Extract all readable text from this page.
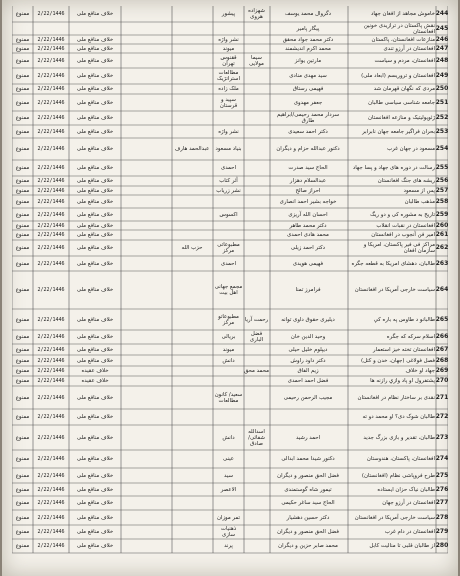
244
خاموش مجاهد از افغان جهاد
دگروال محمد یوسف
شهزاده هروی
پیشور
خلاف منافع ملی
2/22/1446
ممنوع
245
نقش پاکستان در ترازیدی خونین افغانستان
پیگار پامیر
246
منازعات افغانستان، پاکستان
دکتر محمد جواد محقق
نشر واژه
خلاف منافع ملی
2/22/1446
ممنوع
247
افغانستان در آرزو تندی
محمد اکرم اندیشمند
میوند
خلاف منافع ملی
2/22/1446
ممنوع
248
افغانستان، مردم و سیاست
مارتین یوانز
سیما مولایی
ققنوس تهران
خلاف منافع ملی
2/22/1446
ممنوع
249
افغانستان و تروریسم (ابعاد ملی)
سید مهدی منادی
مطالعات استراتژیک
خلاف منافع ملی
2/22/1446
ممنوع
250
مردی که نگهان قهرمان شد
فهیمی رستاق
ملک زاده
خلاف منافع ملی
2/22/1446
ممنوع
251
جامعه شناسی سیاسی طالبان
جعفر مهدوی
سپید و قرستان
خلاف منافع ملی
2/22/1446
ممنوع
252
ژئوپولیتیک و منازعه افغانستان
سردار محمد رحیمی/ابراهیم طارق
خلاف منافع ملی
2/22/1446
ممنوع
253
بحران فراگیر جامعه جهان نابرابر
دکتر احمد سعیدی
نشر واژه
خلاف منافع ملی
2/22/1446
ممنوع
254
مسعود در جهان غرب
دکتور عبدالله حزام و دیگران
بنیاد مسعود
عبدالحمد هارف
خلاف منافع ملی
2/22/1446
ممنوع
255
رسالت در دوره های جهاد و پسا جهاد
الحاج سید صدرت
احمدی
خلاف منافع ملی
2/22/1446
ممنوع
256
ریشه های جنگ افغانستان
عبدالسلام دهزار
آثر کتاب
خلاف منافع ملی
2/22/1446
ممنوع
257
پس از مسعود
احراز صالح
نشر زریاب
خلاف منافع ملی
2/22/1446
ممنوع
258
مذهب طالبان
خواجه بشیر احمد انصاری
خلاف منافع ملی
2/22/1446
ممنوع
259
تاریخ به مشوره کی و دو ریگ
احسان الله آریزی
اکسوس
خلاف منافع ملی
2/22/1446
ممنوع
260
افغانستان در نقبات انقلاب
دکتر محمد طاهر
خلاف منافع ملی
2/22/1446
ممنوع
261
امیر فن آنجوب در افغانستان
محمد هادی احمدی
خلاف منافع ملی
2/22/1446
ممنوع
262
مراکز فی فیر پاکستان، امریکا و سازمان افغان
دکتر احمد زیلی
مطبوعاتی مرکز
حزب الله
خلاف منافع ملی
2/22/1446
ممنوع
263
طالبان، دهشای امریکا به قطعه جگره
فهیمی هویدی
احمدی
خلاف منافع ملی
2/22/1446
ممنوع
264
سیاست خارجی آمریکا در افغانستان
فرامرز تمنا
مجمع جهانی اهل بیت
خلاف منافع ملی
2/22/1446
ممنوع
265
طالبانو د طاوس په باره کې
دیلیری حقوق داوی توانه
رحمت آریا
مطبوعاتو مرکز
خلاف منافع ملی
2/22/1446
ممنوع
266
اسلام سرکه که جگره
وحید الدین خان
فضل الباری
بریالی
خلاف منافع ملی
2/22/1446
ممنوع
267
افغانستان تخته خیز استعمار
دیپلوم خلیل حیلی
میوند
خلاف منافع ملی
2/22/1446
ممنوع
268
فصل فولاغی (جهان، خدن و کتل)
دکتر داود راوش
دانش
خلاف منافع ملی
2/22/1446
ممنوع
269
جهاد او خلاف
زیم الفاق
محمد محق
خلاف عقیده
2/22/1446
ممنوع
270
پشتفرول او پاد وازې رازنه ها
فضل احمد احمدی
خلاف عقیده
2/22/1446
ممنوع
271
نقدی بر ساختار نظام در افغانستان
مجیب الرحمن رحیمی
سعید/ کانون مطالعات
خلاف منافع ملی
2/22/1446
ممنوع
272
طالبان شوک دی؟ او محمد دو ته
خلاف منافع ملی
2/22/1446
ممنوع
273
طالبان، تقدیر و بازی بزرگ جدید
احمد رشید
اسدالله شفائی/ صادق
دانش
خلاف منافع ملی
2/22/1446
ممنوع
274
افغانستان، پاکستان، هندوستان
دکتور شیدا محمد ابدالی
عینی
خلاف منافع ملی
2/22/1446
ممنوع
275
طرح فروپاشی نظام (افغانستان)
فضل الحق منصور و دیگران
سید
خلاف منافع ملی
2/22/1446
ممنوع
276
طالبان نیاک حزان ایستاده
تیمور شاه گوستمندی
الاعصر
خلاف منافع ملی
2/22/1446
ممنوع
277
افغانستان در آرزو جهان
الحاج سید ساغر حکیمی
خلاف منافع ملی
2/22/1446
ممنوع
278
سیاست خارجی آمریکا در افغانستان
دکتر حسین دهشیار
تمر موزان
خلاف منافع ملی
2/22/1446
ممنوع
279
افغانستان در دام غرب
فضل الحق منصور و دیگران
ذهنیات سازی
خلاف منافع ملی
2/22/1446
ممنوع
280
از طالبان قلبی تا منالیت کابل
محمد صابر حزین و دیگران
پرند
خلاف منافع ملی
2/22/1446
ممنوع
